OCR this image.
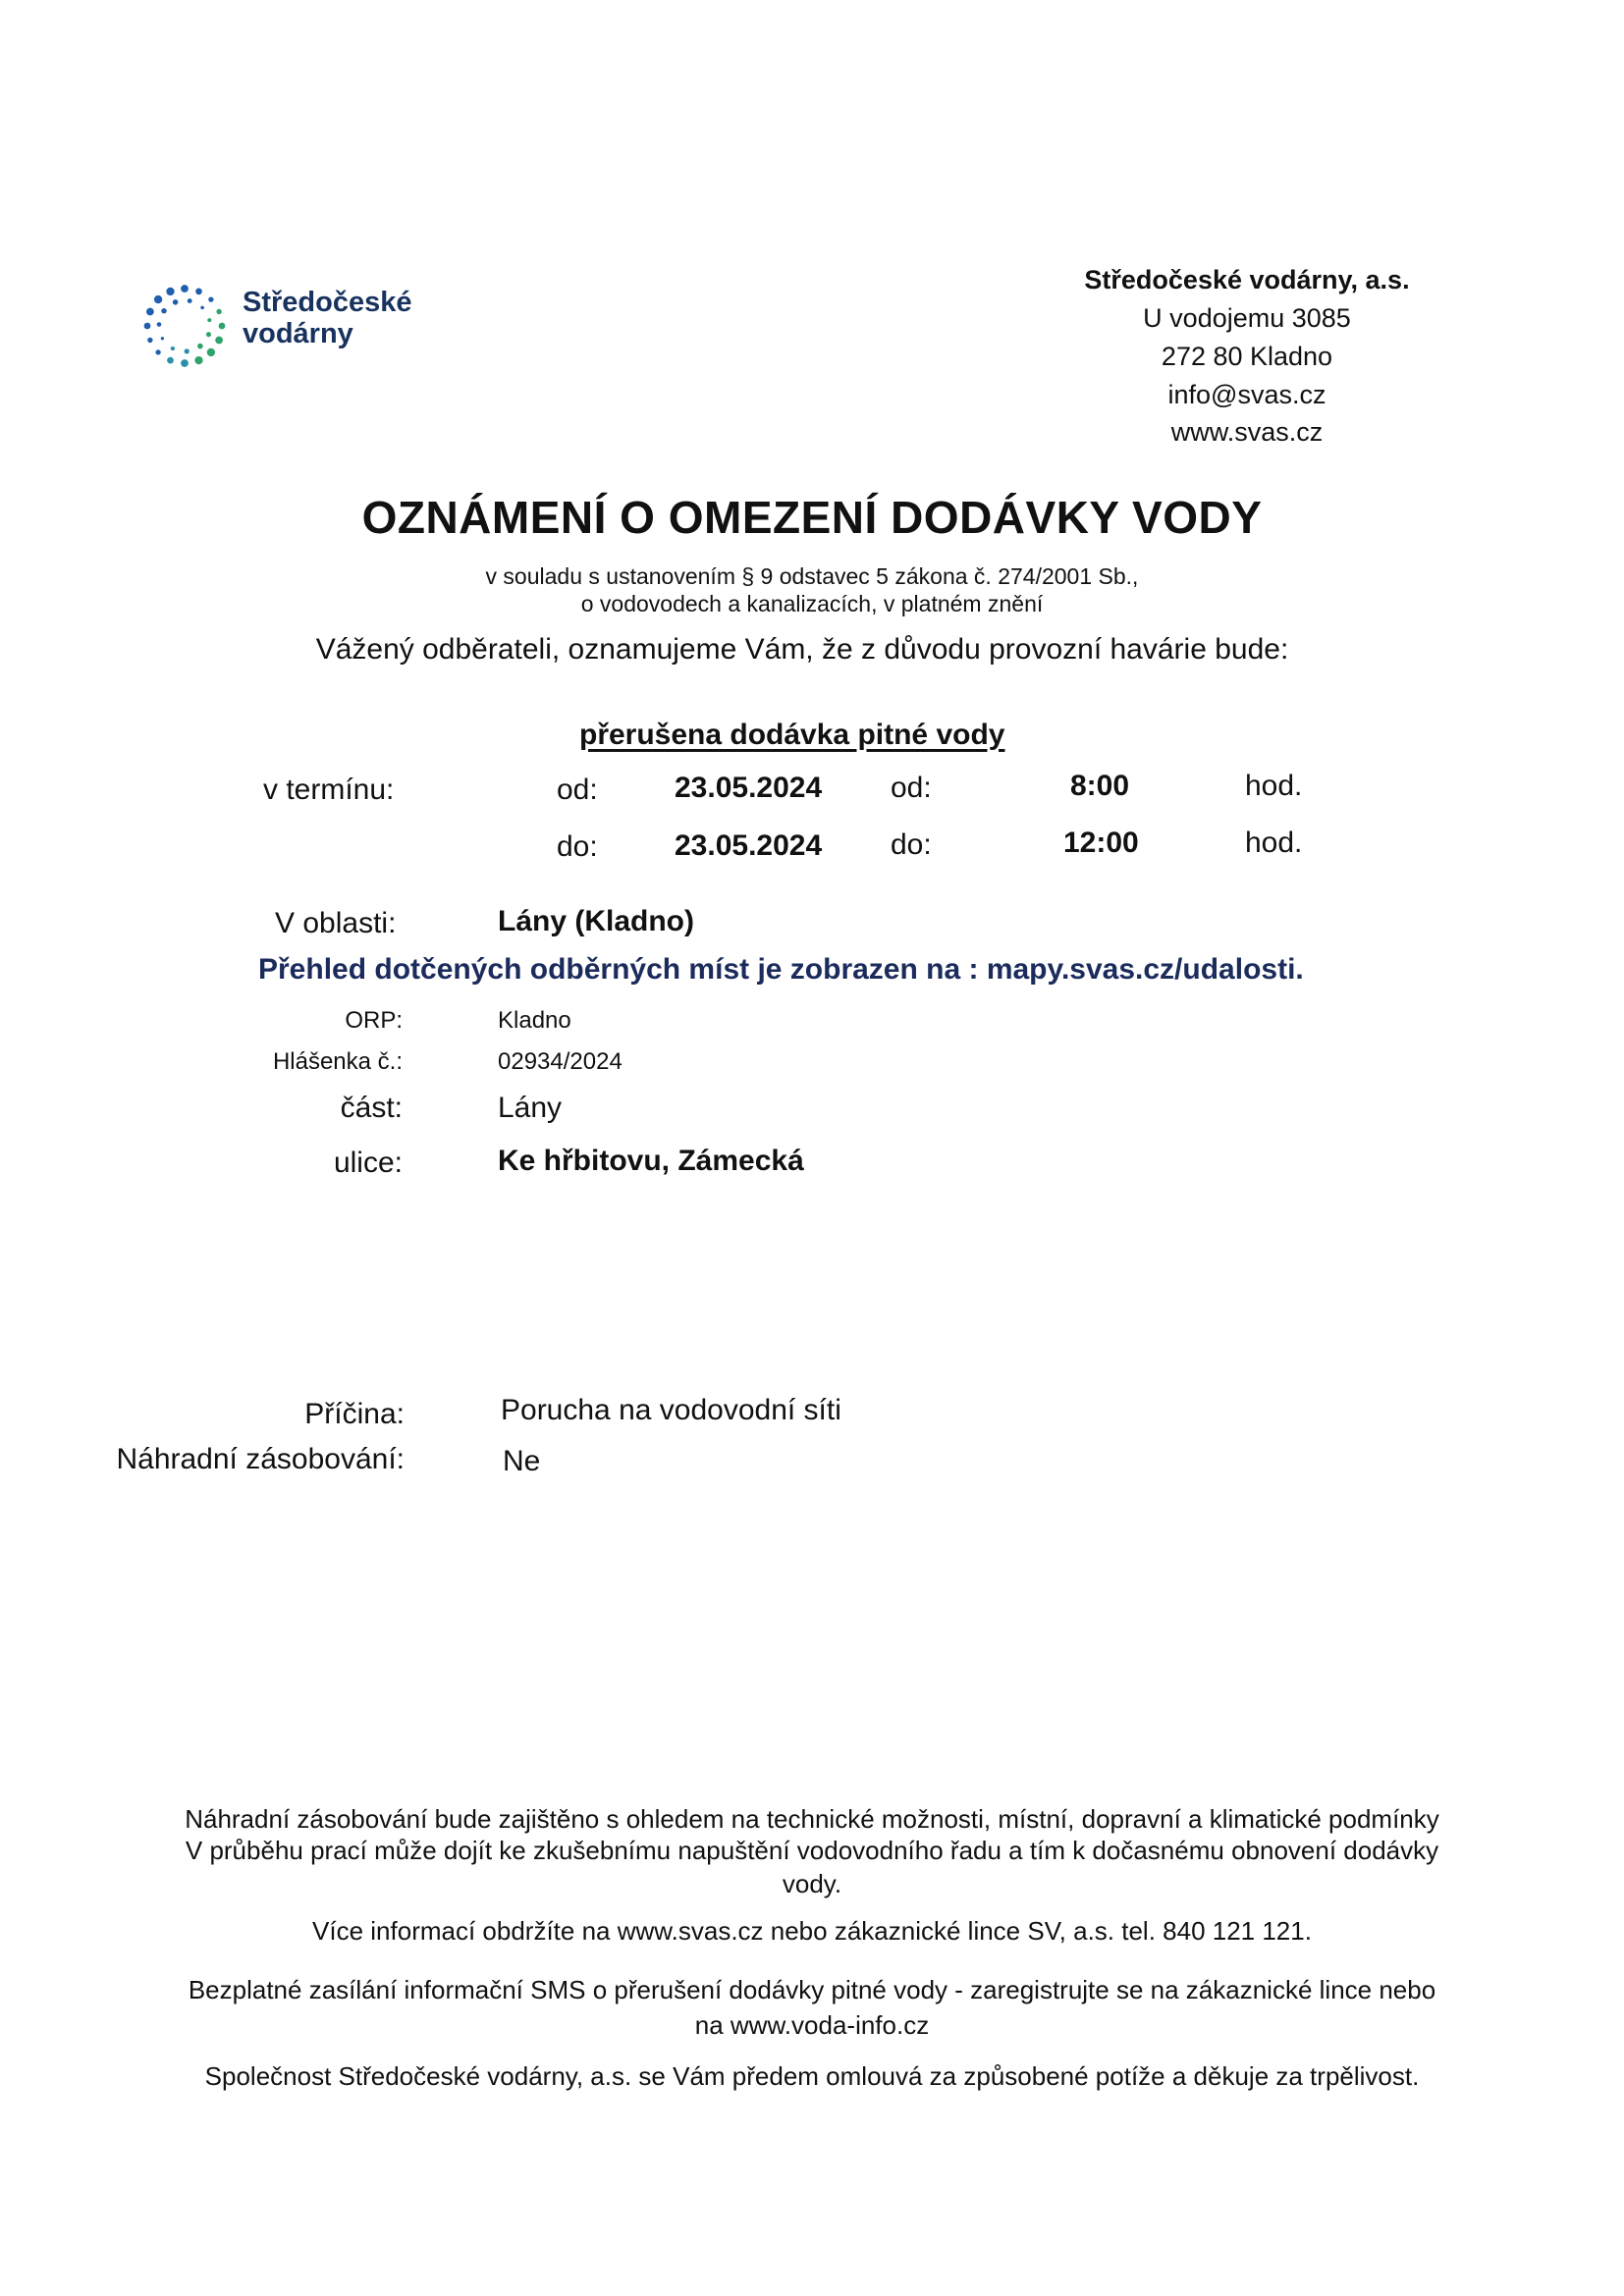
Středočeské
vodárny
Středočeské vodárny, a.s.
U vodojemu 3085
272 80 Kladno
info@svas.cz
www.svas.cz
OZNÁMENÍ O OMEZENÍ DODÁVKY VODY
v souladu s ustanovením § 9 odstavec 5 zákona č. 274/2001 Sb.,
o vodovodech a kanalizacích, v platném znění
Vážený odběrateli, oznamujeme Vám, že z důvodu provozní havárie bude:
přerušena dodávka pitné vody
v termínu:	od:	23.05.2024 od:	8:00	hod.
do:	23.05.2024 do:	12:00	hod.
V oblasti:	Lány (Kladno)
Přehled dotčených odběrných míst je zobrazen na : mapy.svas.cz/udalosti.
ORP:	Kladno
Hlášenka č.:	02934/2024
část:	Lány
ulice:	Ke hřbitovu, Zámecká
Příčina:	Porucha na vodovodní síti
Náhradní zásobování:	Ne
Náhradní zásobování bude zajištěno s ohledem na technické možnosti, místní, dopravní a klimatické podmínky
V průběhu prací může dojít ke zkušebnímu napuštění vodovodního řadu a tím k dočasnému obnovení dodávky
vody.
Více informací obdržíte na www.svas.cz nebo zákaznické lince SV, a.s. tel. 840 121 121.
Bezplatné zasílání informační SMS o přerušení dodávky pitné vody - zaregistrujte se na zákaznické lince nebo
na www.voda-info.cz
Společnost Středočeské vodárny, a.s. se Vám předem omlouvá za způsobené potíže a děkuje za trpělivost.
